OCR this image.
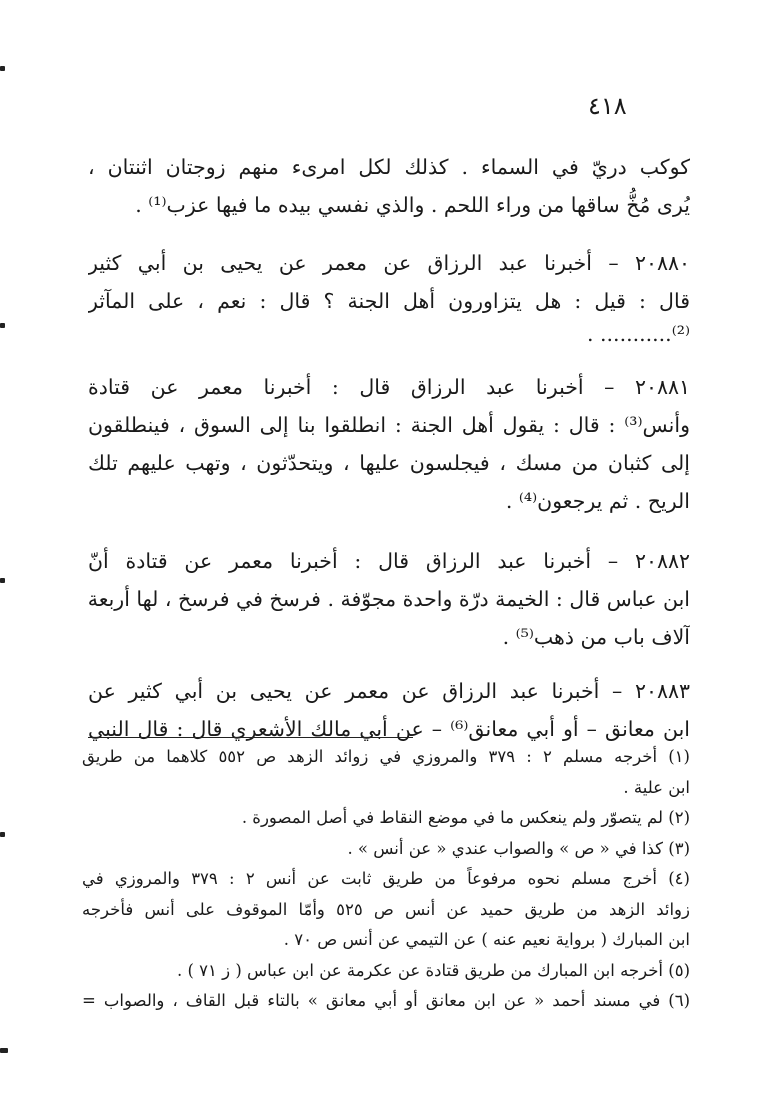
٤١٨
كوكب دريّ في السماء . كذلك لكل امرىء منهم زوجتان اثنتان ،
يُرى مُخُّ ساقها من وراء اللحم . والذي نفسي بيده ما فيها عزب⁽¹⁾ .
٢٠٨٨٠ – أخبرنا عبد الرزاق عن معمر عن يحيى بن أبي كثير
قال : قيل : هل يتزاورون أهل الجنة ؟ قال : نعم ، على المآثر
⁽²⁾........... .
٢٠٨٨١ – أخبرنا عبد الرزاق قال : أخبرنا معمر عن قتادة
وأنس⁽³⁾ : قال : يقول أهل الجنة : انطلقوا بنا إلى السوق ، فينطلقون
إلى كثبان من مسك ، فيجلسون عليها ، ويتحدّثون ، وتهب عليهم تلك
الريح . ثم يرجعون⁽⁴⁾ .
٢٠٨٨٢ – أخبرنا عبد الرزاق قال : أخبرنا معمر عن قتادة أنّ
ابن عباس قال : الخيمة درّة واحدة مجوّفة . فرسخ في فرسخ ، لها أربعة
آلاف باب من ذهب⁽⁵⁾ .
٢٠٨٨٣ – أخبرنا عبد الرزاق عن معمر عن يحيى بن أبي كثير عن
ابن معانق – أو أبي معانق⁽⁶⁾ – عن أبي مالك الأشعري قال : قال النبي
(١) أخرجه مسلم ٢ : ٣٧٩ والمروزي في زوائد الزهد ص ٥٥٢ كلاهما من طريق
ابن علية .
(٢) لم يتصوّر ولم ينعكس ما في موضع النقاط في أصل المصورة .
(٣) كذا في « ص » والصواب عندي « عن أنس » .
(٤) أخرج مسلم نحوه مرفوعاً من طريق ثابت عن أنس ٢ : ٣٧٩ والمروزي في
زوائد الزهد من طريق حميد عن أنس ص ٥٢٥ وأمّا الموقوف على أنس فأخرجه
ابن المبارك ( برواية نعيم عنه ) عن التيمي عن أنس ص ٧٠ .
(٥) أخرجه ابن المبارك من طريق قتادة عن عكرمة عن ابن عباس ( ز ٧١ ) .
(٦) في مسند أحمد « عن ابن معانق أو أبي معانق » بالتاء قبل القاف ، والصواب =
